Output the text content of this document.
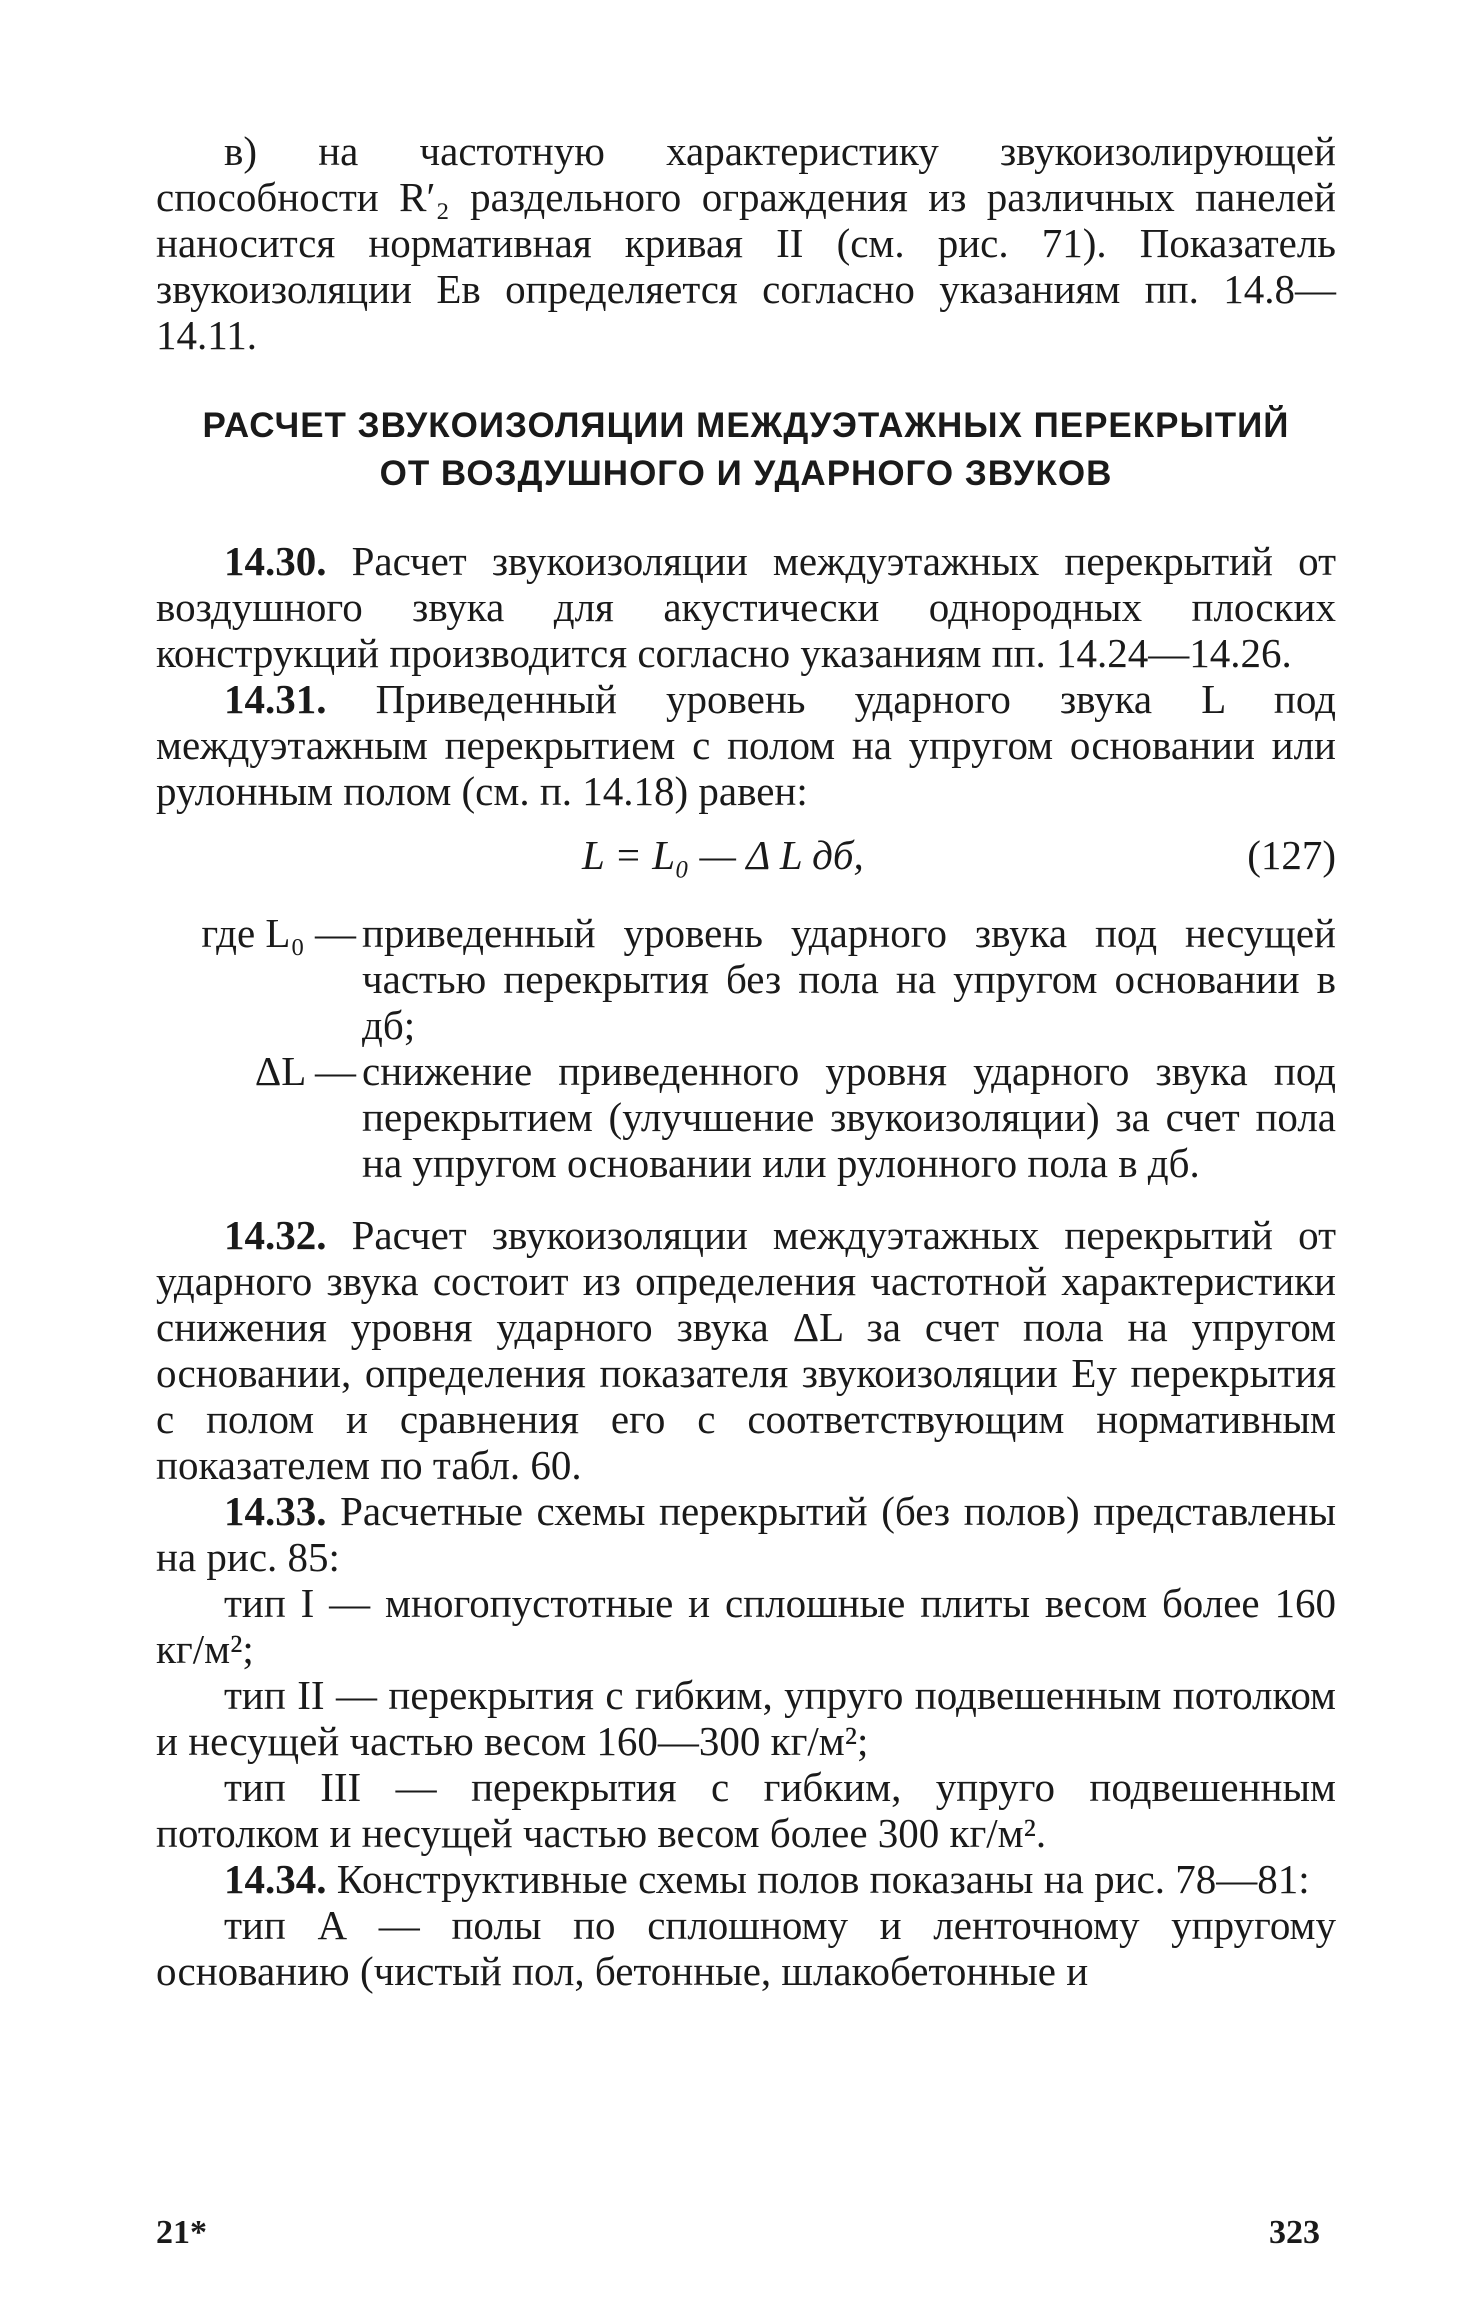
в) на частотную характеристику звукоизолирующей способности R′₂ раздельного ограждения из различных панелей наносится нормативная кривая II (см. рис. 71). Показатель звукоизоляции Eв определяется согласно указаниям пп. 14.8—14.11.

РАСЧЕТ ЗВУКОИЗОЛЯЦИИ МЕЖДУЭТАЖНЫХ ПЕРЕКРЫТИЙ
ОТ ВОЗДУШНОГО И УДАРНОГО ЗВУКОВ

14.30. Расчет звукоизоляции междуэтажных перекрытий от воздушного звука для акустически однородных плоских конструкций производится согласно указаниям пп. 14.24—14.26.

14.31. Приведенный уровень ударного звука L под междуэтажным перекрытием с полом на упругом основании или рулонным полом (см. п. 14.18) равен:

L = L₀ — Δ L дб,	(127)
где L₀ — приведенный уровень ударного звука под несущей частью перекрытия без пола на упругом основании в дб;
ΔL — снижение приведенного уровня ударного звука под перекрытием (улучшение звукоизоляции) за счет пола на упругом основании или рулонного пола в дб.

14.32. Расчет звукоизоляции междуэтажных перекрытий от ударного звука состоит из определения частотной характеристики снижения уровня ударного звука ΔL за счет пола на упругом основании, определения показателя звукоизоляции Eу перекрытия с полом и сравнения его с соответствующим нормативным показателем по табл. 60.

14.33. Расчетные схемы перекрытий (без полов) представлены на рис. 85:

тип I — многопустотные и сплошные плиты весом более 160 кг/м²;

тип II — перекрытия с гибким, упруго подвешенным потолком и несущей частью весом 160—300 кг/м²;

тип III — перекрытия с гибким, упруго подвешенным потолком и несущей частью весом более 300 кг/м².

14.34. Конструктивные схемы полов показаны на рис. 78—81:

тип А — полы по сплошному и ленточному упругому основанию (чистый пол, бетонные, шлакобетонные и

21*	323
